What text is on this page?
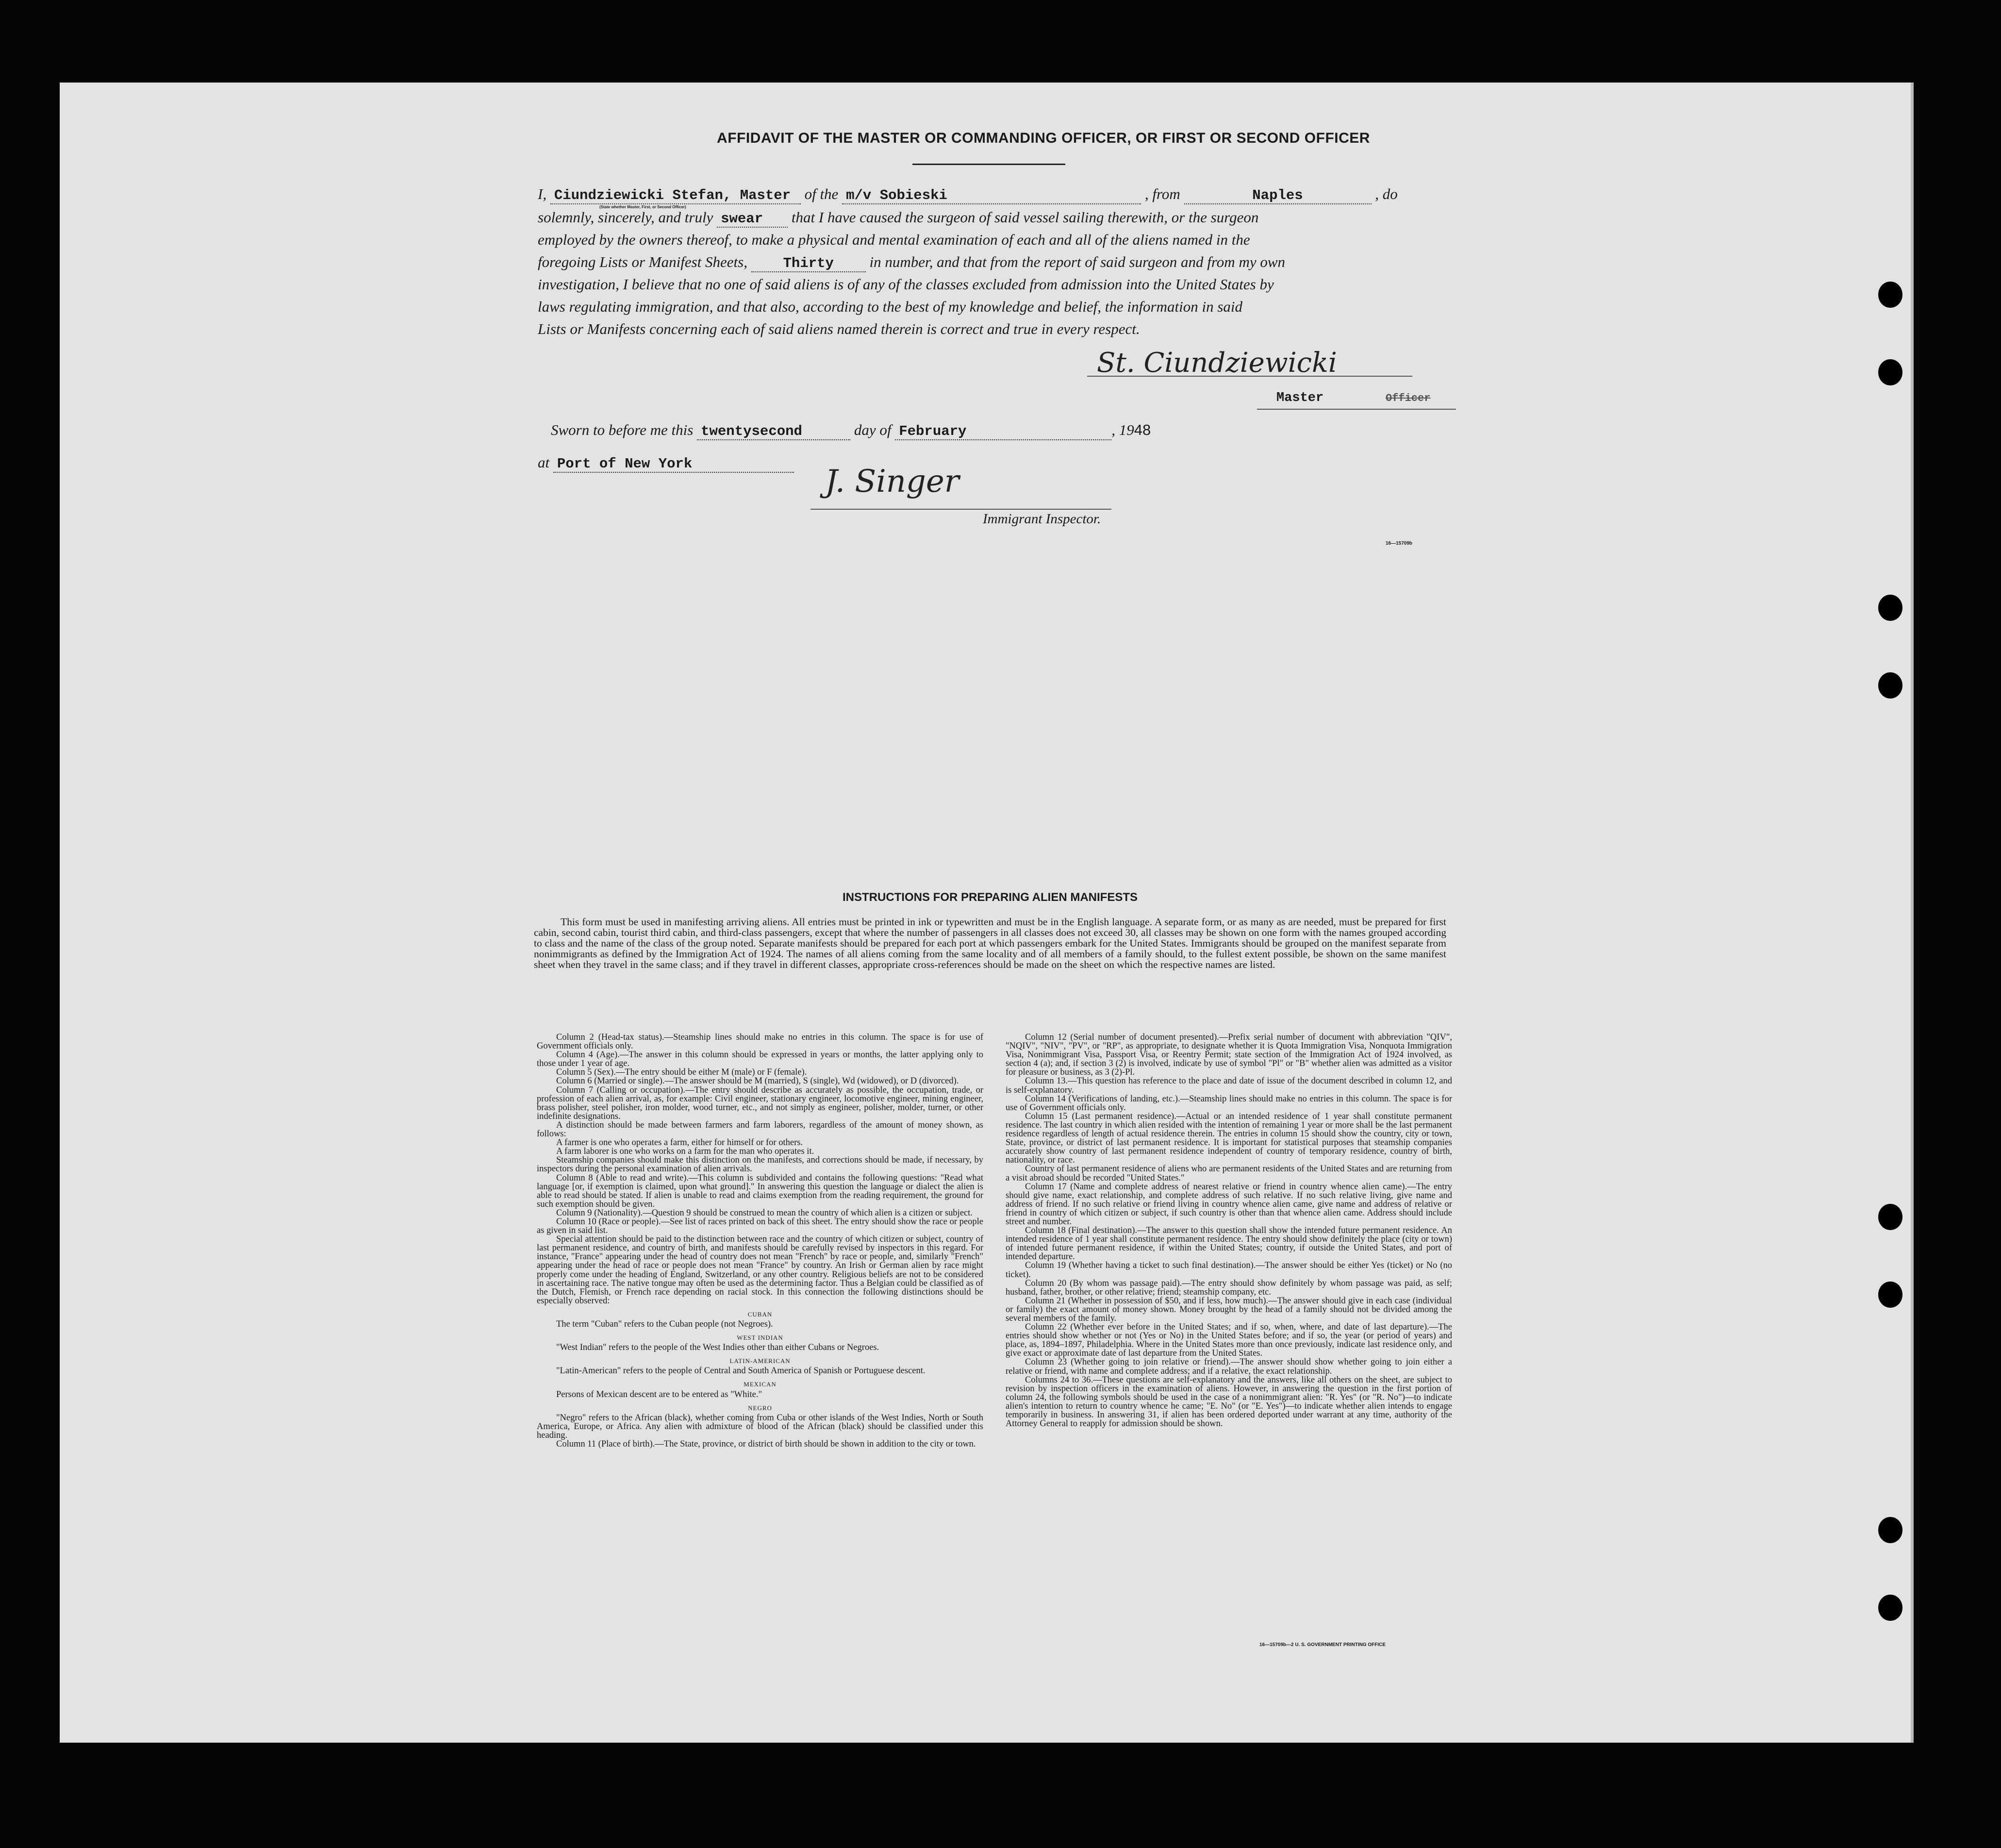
AFFIDAVIT OF THE MASTER OR COMMANDING OFFICER, OR FIRST OR SECOND OFFICER
I, Ciundziewicki Stefan, Master of the m/v Sobieski	, from	Naples	, do
(State whether Master, First, or Second Officer)
solemnly, sincerely, and truly swear that I have caused the surgeon of said vessel sailing therewith, or the surgeon
employed by the owners thereof, to make a physical and mental examination of each and all of the aliens named in the
foregoing Lists or Manifest Sheets,	Thirty in number, and that from the report of said surgeon and from my own
investigation, I believe that no one of said aliens is of any of the classes excluded from admission into the United States by
laws regulating immigration, and that also, according to the best of my knowledge and belief, the information in said
Lists or Manifests concerning each of said aliens named therein is correct and true in every respect.
St. Ciundziewicki
Master	Officer
Sworn to before me this twentysecond	day of February	, 1948
at Port of New York	J. Singer
Immigrant Inspector.
16—15709b
INSTRUCTIONS FOR PREPARING ALIEN MANIFESTS

This form must be used in manifesting arriving aliens. All entries must be printed in ink or typewritten and must be in the English language. A separate form, or as many as are needed, must be prepared for first cabin, second cabin, tourist third cabin, and third-class passengers, except that where the number of passengers in all classes does not exceed 30, all classes may be shown on one form with the names grouped according to class and the name of the class of the group noted. Separate manifests should be prepared for each port at which passengers embark for the United States. Immigrants should be grouped on the manifest separate from nonimmigrants as defined by the Immigration Act of 1924. The names of all aliens coming from the same locality and of all members of a family should, to the fullest extent possible, be shown on the same manifest sheet when they travel in the same class; and if they travel in different classes, appropriate cross-references should be made on the sheet on which the respective names are listed.

Column 2 (Head-tax status).—Steamship lines should make no entries in this column. The space is for use of Government officials only.

Column 4 (Age).—The answer in this column should be expressed in years or months, the latter applying only to those under 1 year of age.

Column 5 (Sex).—The entry should be either M (male) or F (female).

Column 6 (Married or single).—The answer should be M (married), S (single), Wd (widowed), or D (divorced).

Column 7 (Calling or occupation).—The entry should describe as accurately as possible, the occupation, trade, or profession of each alien arrival, as, for example: Civil engineer, stationary engineer, locomotive engineer, mining engineer, brass polisher, steel polisher, iron molder, wood turner, etc., and not simply as engineer, polisher, molder, turner, or other indefinite designations.

A distinction should be made between farmers and farm laborers, regardless of the amount of money shown, as follows:

A farmer is one who operates a farm, either for himself or for others.

A farm laborer is one who works on a farm for the man who operates it.

Steamship companies should make this distinction on the manifests, and corrections should be made, if necessary, by inspectors during the personal examination of alien arrivals.

Column 8 (Able to read and write).—This column is subdivided and contains the following questions: "Read what language [or, if exemption is claimed, upon what ground]." In answering this question the language or dialect the alien is able to read should be stated. If alien is unable to read and claims exemption from the reading requirement, the ground for such exemption should be given.

Column 9 (Nationality).—Question 9 should be construed to mean the country of which alien is a citizen or subject.

Column 10 (Race or people).—See list of races printed on back of this sheet. The entry should show the race or people as given in said list.

Special attention should be paid to the distinction between race and the country of which citizen or subject, country of last permanent residence, and country of birth, and manifests should be carefully revised by inspectors in this regard. For instance, "France" appearing under the head of country does not mean "French" by race or people, and, similarly "French" appearing under the head of race or people does not mean "France" by country. An Irish or German alien by race might properly come under the heading of England, Switzerland, or any other country. Religious beliefs are not to be considered in ascertaining race. The native tongue may often be used as the determining factor. Thus a Belgian could be classified as of the Dutch, Flemish, or French race depending on racial stock. In this connection the following distinctions should be especially observed:

CUBAN

The term "Cuban" refers to the Cuban people (not Negroes).

WEST INDIAN

"West Indian" refers to the people of the West Indies other than either Cubans or Negroes.

LATIN-AMERICAN

"Latin-American" refers to the people of Central and South America of Spanish or Portuguese descent.

MEXICAN

Persons of Mexican descent are to be entered as "White."

NEGRO

"Negro" refers to the African (black), whether coming from Cuba or other islands of the West Indies, North or South America, Europe, or Africa. Any alien with admixture of blood of the African (black) should be classified under this heading.

Column 11 (Place of birth).—The State, province, or district of birth should be shown in addition to the city or town.

Column 12 (Serial number of document presented).—Prefix serial number of document with abbreviation "QIV", "NQIV", "NIV", "PV", or "RP", as appropriate, to designate whether it is Quota Immigration Visa, Nonquota Immigration Visa, Nonimmigrant Visa, Passport Visa, or Reentry Permit; state section of the Immigration Act of 1924 involved, as section 4 (a); and, if section 3 (2) is involved, indicate by use of symbol "Pl" or "B" whether alien was admitted as a visitor for pleasure or business, as 3 (2)-Pl.

Column 13.—This question has reference to the place and date of issue of the document described in column 12, and is self-explanatory.

Column 14 (Verifications of landing, etc.).—Steamship lines should make no entries in this column. The space is for use of Government officials only.

Column 15 (Last permanent residence).—Actual or an intended residence of 1 year shall constitute permanent residence. The last country in which alien resided with the intention of remaining 1 year or more shall be the last permanent residence regardless of length of actual residence therein. The entries in column 15 should show the country, city or town, State, province, or district of last permanent residence. It is important for statistical purposes that steamship companies accurately show country of last permanent residence independent of country of temporary residence, country of birth, nationality, or race.

Country of last permanent residence of aliens who are permanent residents of the United States and are returning from a visit abroad should be recorded "United States."

Column 17 (Name and complete address of nearest relative or friend in country whence alien came).—The entry should give name, exact relationship, and complete address of such relative. If no such relative living, give name and address of friend. If no such relative or friend living in country whence alien came, give name and address of relative or friend in country of which citizen or subject, if such country is other than that whence alien came. Address should include street and number.

Column 18 (Final destination).—The answer to this question shall show the intended future permanent residence. An intended residence of 1 year shall constitute permanent residence. The entry should show definitely the place (city or town) of intended future permanent residence, if within the United States; country, if outside the United States, and port of intended departure.

Column 19 (Whether having a ticket to such final destination).—The answer should be either Yes (ticket) or No (no ticket).

Column 20 (By whom was passage paid).—The entry should show definitely by whom passage was paid, as self; husband, father, brother, or other relative; friend; steamship company, etc.

Column 21 (Whether in possession of $50, and if less, how much).—The answer should give in each case (individual or family) the exact amount of money shown. Money brought by the head of a family should not be divided among the several members of the family.

Column 22 (Whether ever before in the United States; and if so, when, where, and date of last departure).—The entries should show whether or not (Yes or No) in the United States before; and if so, the year (or period of years) and place, as, 1894–1897, Philadelphia. Where in the United States more than once previously, indicate last residence only, and give exact or approximate date of last departure from the United States.

Column 23 (Whether going to join relative or friend).—The answer should show whether going to join either a relative or friend, with name and complete address; and if a relative, the exact relationship.

Columns 24 to 36.—These questions are self-explanatory and the answers, like all others on the sheet, are subject to revision by inspection officers in the examination of aliens. However, in answering the question in the first portion of column 24, the following symbols should be used in the case of a nonimmigrant alien: "R. Yes" (or "R. No")—to indicate alien's intention to return to country whence he came; "E. No" (or "E. Yes")—to indicate whether alien intends to engage temporarily in business. In answering 31, if alien has been ordered deported under warrant at any time, authority of the Attorney General to reapply for admission should be shown.

16—15709b—2 U. S. GOVERNMENT PRINTING OFFICE
